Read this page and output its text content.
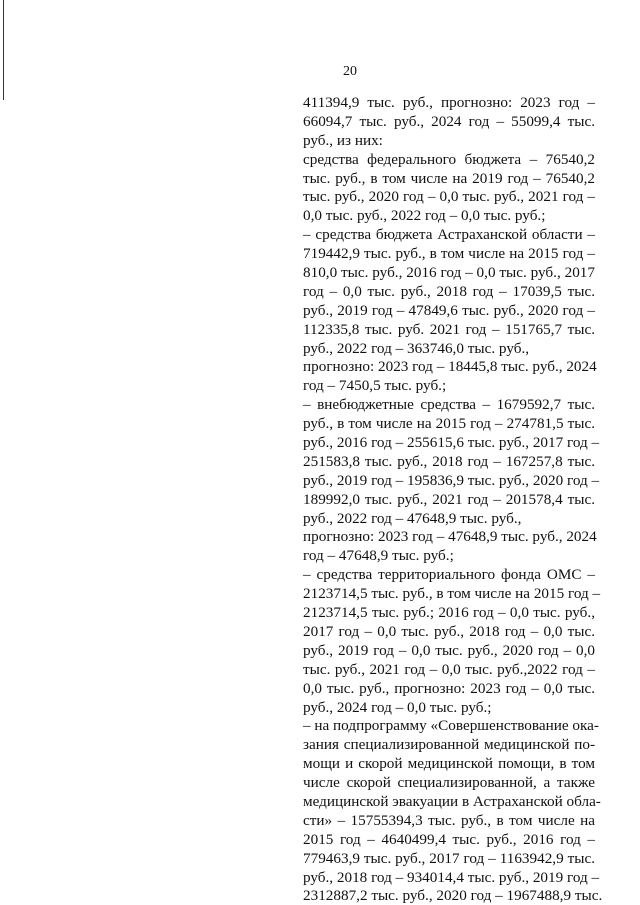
20
411394,9 тыс. руб., прогнозно: 2023 год –
66094,7 тыс. руб., 2024 год – 55099,4 тыс.
руб., из них:
средства федерального бюджета – 76540,2
тыс. руб., в том числе на 2019 год – 76540,2
тыс. руб., 2020 год – 0,0 тыс. руб., 2021 год –
0,0 тыс. руб., 2022 год – 0,0 тыс. руб.;
– средства бюджета Астраханской области –
719442,9 тыс. руб., в том числе на 2015 год –
810,0 тыс. руб., 2016 год – 0,0 тыс. руб., 2017
год – 0,0 тыс. руб., 2018 год – 17039,5 тыс.
руб., 2019 год – 47849,6 тыс. руб., 2020 год –
112335,8 тыс. руб. 2021 год – 151765,7 тыс.
руб., 2022 год – 363746,0 тыс. руб.,
прогнозно: 2023 год – 18445,8 тыс. руб., 2024
год – 7450,5 тыс. руб.;
– внебюджетные средства – 1679592,7 тыс.
руб., в том числе на 2015 год – 274781,5 тыс.
руб., 2016 год – 255615,6 тыс. руб., 2017 год –
251583,8 тыс. руб., 2018 год – 167257,8 тыс.
руб., 2019 год – 195836,9 тыс. руб., 2020 год –
189992,0 тыс. руб., 2021 год – 201578,4 тыс.
руб., 2022 год – 47648,9 тыс. руб.,
прогнозно: 2023 год – 47648,9 тыс. руб., 2024
год – 47648,9 тыс. руб.;
– средства территориального фонда ОМС –
2123714,5 тыс. руб., в том числе на 2015 год –
2123714,5 тыс. руб.; 2016 год – 0,0 тыс. руб.,
2017 год – 0,0 тыс. руб., 2018 год – 0,0 тыс.
руб., 2019 год – 0,0 тыс. руб., 2020 год – 0,0
тыс. руб., 2021 год – 0,0 тыс. руб.,2022 год –
0,0 тыс. руб., прогнозно: 2023 год – 0,0 тыс.
руб., 2024 год – 0,0 тыс. руб.;
– на подпрограмму «Совершенствование ока-
зания специализированной медицинской по-
мощи и скорой медицинской помощи, в том
числе скорой специализированной, а также
медицинской эвакуации в Астраханской обла-
сти» – 15755394,3 тыс. руб., в том числе на
2015 год – 4640499,4 тыс. руб., 2016 год –
779463,9 тыс. руб., 2017 год – 1163942,9 тыс.
руб., 2018 год – 934014,4 тыс. руб., 2019 год –
2312887,2 тыс. руб., 2020 год – 1967488,9 тыс.
